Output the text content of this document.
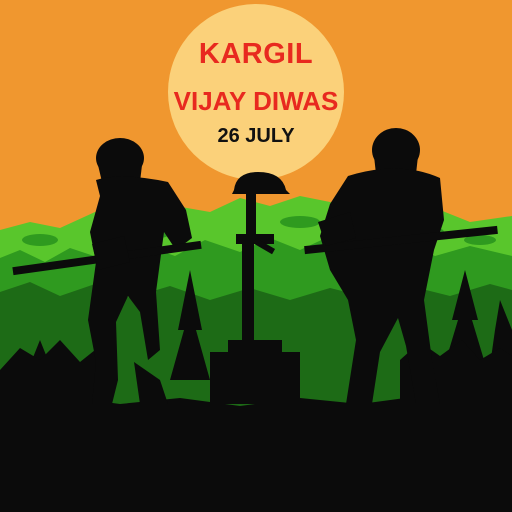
KARGIL
VIJAY DIWAS
26 JULY
